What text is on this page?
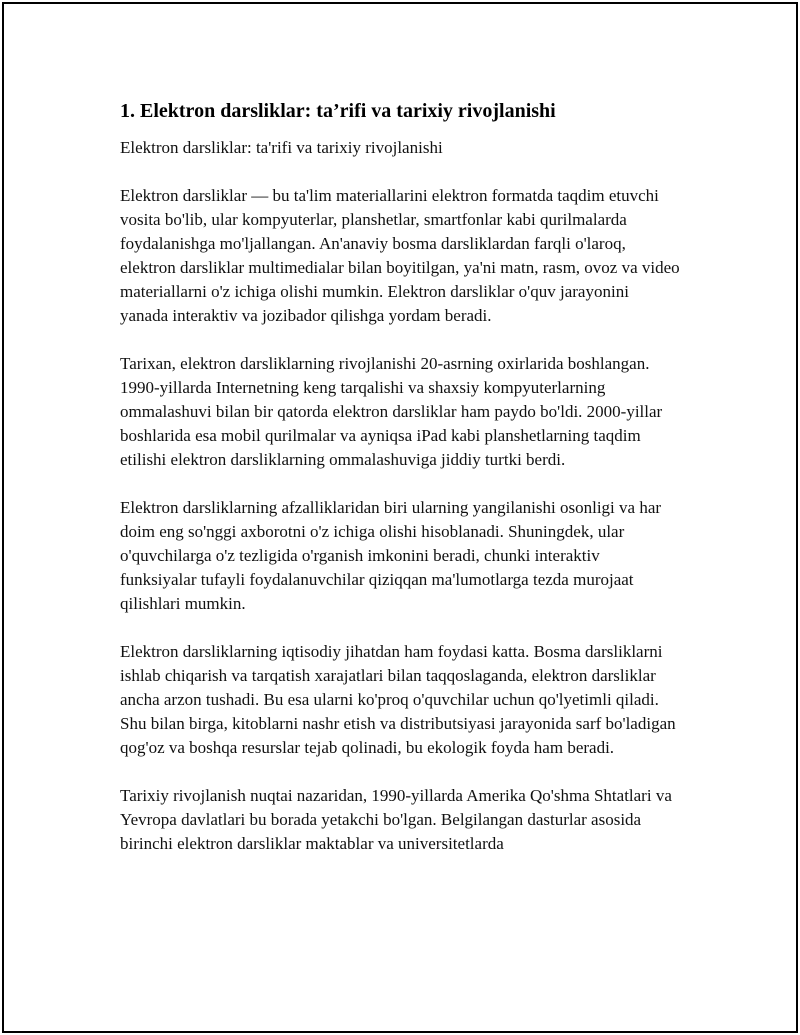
1. Elektron darsliklar: ta’rifi va tarixiy rivojlanishi

Elektron darsliklar: ta'rifi va tarixiy rivojlanishi

Elektron darsliklar — bu ta'lim materiallarini elektron formatda taqdim etuvchi vosita bo'lib, ular kompyuterlar, planshetlar, smartfonlar kabi qurilmalarda foydalanishga mo'ljallangan. An'anaviy bosma darsliklardan farqli o'laroq, elektron darsliklar multimedialar bilan boyitilgan, ya'ni matn, rasm, ovoz va video materiallarni o'z ichiga olishi mumkin. Elektron darsliklar o'quv jarayonini yanada interaktiv va jozibador qilishga yordam beradi.

Tarixan, elektron darsliklarning rivojlanishi 20-asrning oxirlarida boshlangan. 1990-yillarda Internetning keng tarqalishi va shaxsiy kompyuterlarning ommalashuvi bilan bir qatorda elektron darsliklar ham paydo bo'ldi. 2000-yillar boshlarida esa mobil qurilmalar va ayniqsa iPad kabi planshetlarning taqdim etilishi elektron darsliklarning ommalashuviga jiddiy turtki berdi.

Elektron darsliklarning afzalliklaridan biri ularning yangilanishi osonligi va har doim eng so'nggi axborotni o'z ichiga olishi hisoblanadi. Shuningdek, ular o'quvchilarga o'z tezligida o'rganish imkonini beradi, chunki interaktiv funksiyalar tufayli foydalanuvchilar qiziqqan ma'lumotlarga tezda murojaat qilishlari mumkin.

Elektron darsliklarning iqtisodiy jihatdan ham foydasi katta. Bosma darsliklarni ishlab chiqarish va tarqatish xarajatlari bilan taqqoslaganda, elektron darsliklar ancha arzon tushadi. Bu esa ularni ko'proq o'quvchilar uchun qo'lyetimli qiladi. Shu bilan birga, kitoblarni nashr etish va distributsiyasi jarayonida sarf bo'ladigan qog'oz va boshqa resurslar tejab qolinadi, bu ekologik foyda ham beradi.

Tarixiy rivojlanish nuqtai nazaridan, 1990-yillarda Amerika Qo'shma Shtatlari va Yevropa davlatlari bu borada yetakchi bo'lgan. Belgilangan dasturlar asosida birinchi elektron darsliklar maktablar va universitetlarda
